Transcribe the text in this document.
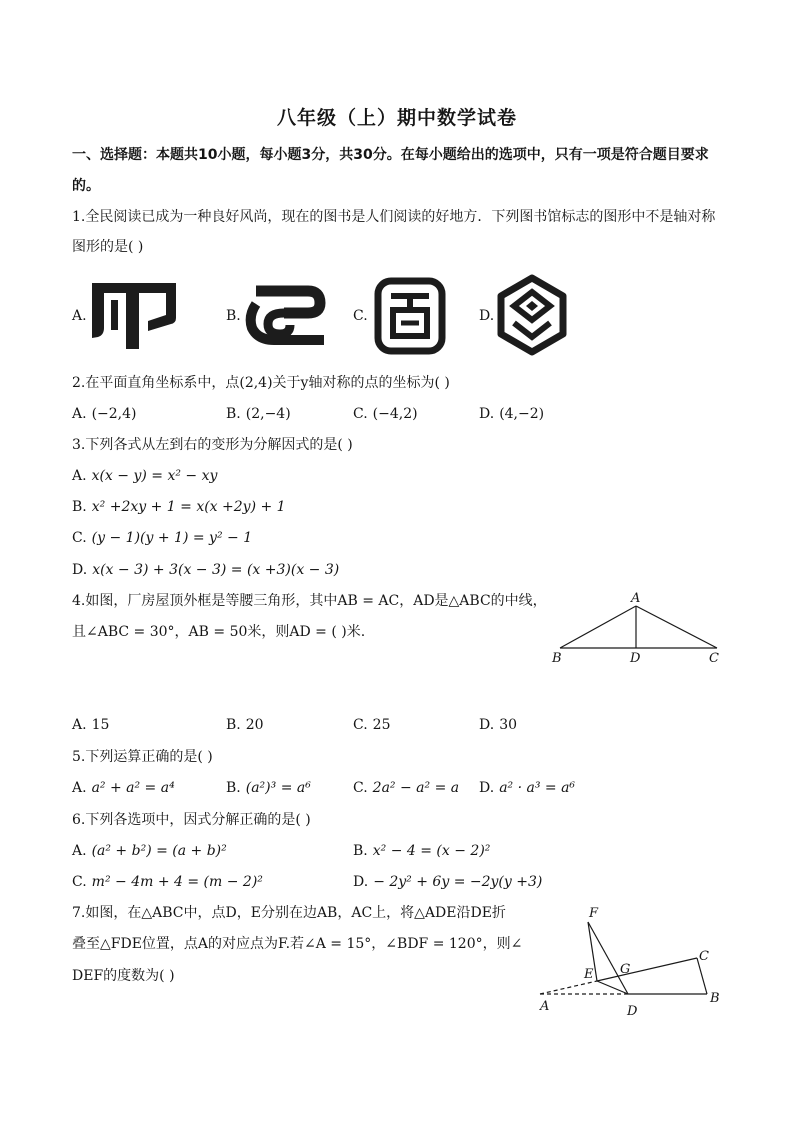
八年级（上）期中数学试卷
一、选择题：本题共10小题，每小题3分，共30分。在每小题给出的选项中，只有一项是符合题目要求
的。
1.全民阅读已成为一种良好风尚，现在的图书是人们阅读的好地方．下列图书馆标志的图形中不是轴对称
图形的是( )
A.	B.	C.	D.
2.在平面直角坐标系中，点(2,4)关于y轴对称的点的坐标为( )
A. (−2,4)	B. (2,−4)	C. (−4,2)	D. (4,−2)
3.下列各式从左到右的变形为分解因式的是( )
A. x(x − y) = x² − xy
B. x² +2xy + 1 = x(x +2y) + 1
C. (y − 1)(y + 1) = y² − 1
D. x(x − 3) + 3(x − 3) = (x +3)(x − 3)
4.如图，厂房屋顶外框是等腰三角形，其中AB = AC，AD是△ABC的中线，
且∠ABC = 30°，AB = 50米，则AD = ( )米.
A
B	D	C
A. 15	B. 20	C. 25	D. 30
5.下列运算正确的是( )
A. a² + a² = a⁴	B. (a²)³ = a⁶	C. 2a² − a² = a D. a² · a³ = a⁶
6.下列各选项中，因式分解正确的是( )
A. (a² + b²) = (a + b)²	B. x² − 4 = (x − 2)²
C. m² − 4m + 4 = (m − 2)²	D. − 2y² + 6y = −2y(y +3)
7.如图，在△ABC中，点D，E分别在边AB，AC上，将△ADE沿DE折
叠至△FDE位置，点A的对应点为F.若∠A = 15°，∠BDF = 120°，则∠
DEF的度数为( )
F
E G
C
A	D
B
